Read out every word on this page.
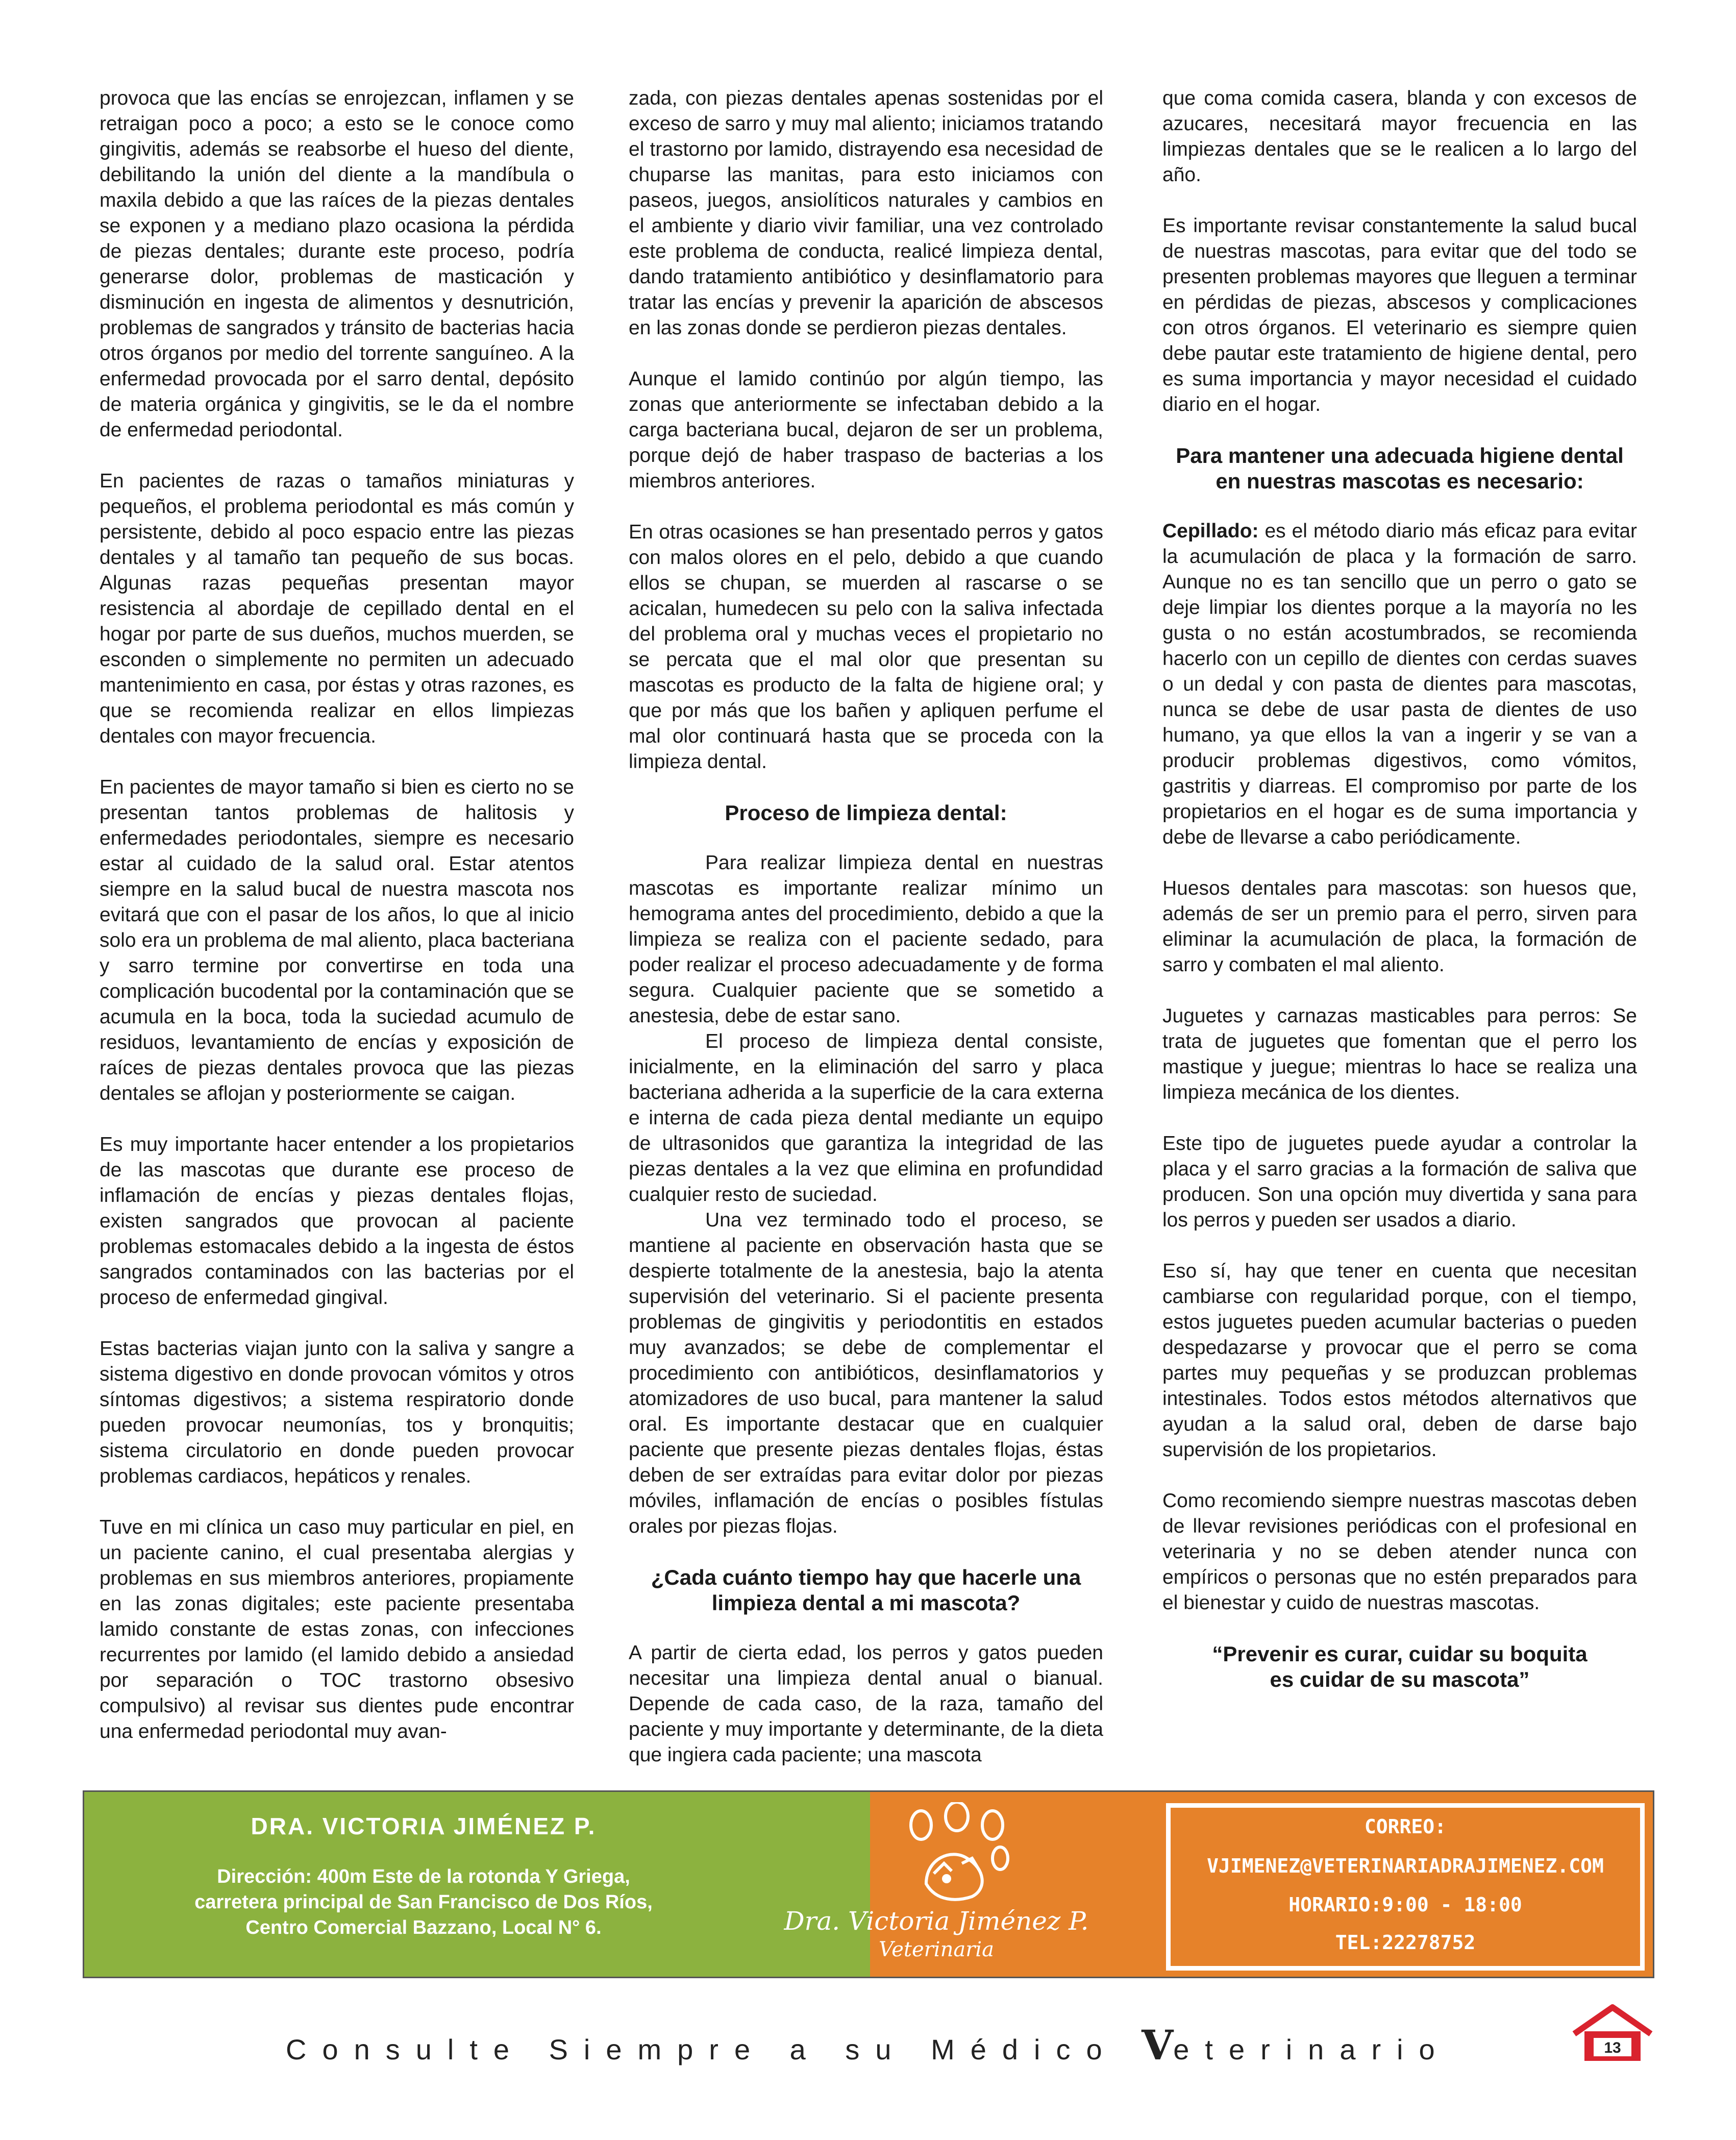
provoca que las encías se enrojezcan, inflamen y se retraigan poco a poco; a esto se le conoce como gingivitis, además se reabsorbe el hueso del diente, debilitando la unión del diente a la mandíbula o maxila debido a que las raíces de la piezas dentales se exponen y a mediano plazo ocasiona la pérdida de piezas dentales; durante este proceso, podría generarse dolor, problemas de masticación y disminución en ingesta de alimentos y desnutrición, problemas de sangrados y tránsito de bacterias hacia otros órganos por medio del torrente sanguíneo. A la enfermedad provocada por el sarro dental, depósito de materia orgánica y gingivitis, se le da el nombre de enfermedad periodontal.

En pacientes de razas o tamaños miniaturas y pequeños, el problema periodontal es más común y persistente, debido al poco espacio entre las piezas dentales y al tamaño tan pequeño de sus bocas. Algunas razas pequeñas presentan mayor resistencia al abordaje de cepillado dental en el hogar por parte de sus dueños, muchos muerden, se esconden o simplemente no permiten un adecuado mantenimiento en casa, por éstas y otras razones, es que se recomienda realizar en ellos limpiezas dentales con mayor frecuencia.

En pacientes de mayor tamaño si bien es cierto no se presentan tantos problemas de halitosis y enfermedades periodontales, siempre es necesario estar al cuidado de la salud oral. Estar atentos siempre en la salud bucal de nuestra mascota nos evitará que con el pasar de los años, lo que al inicio solo era un problema de mal aliento, placa bacteriana y sarro termine por convertirse en toda una complicación bucodental por la contaminación que se acumula en la boca, toda la suciedad acumulo de residuos, levantamiento de encías y exposición de raíces de piezas dentales provoca que las piezas dentales se aflojan y posteriormente se caigan.

Es muy importante hacer entender a los propietarios de las mascotas que durante ese proceso de inflamación de encías y piezas dentales flojas, existen sangrados que provocan al paciente problemas estomacales debido a la ingesta de éstos sangrados contaminados con las bacterias por el proceso de enfermedad gingival.

Estas bacterias viajan junto con la saliva y sangre a sistema digestivo en donde provocan vómitos y otros síntomas digestivos; a sistema respiratorio donde pueden provocar neumonías, tos y bronquitis; sistema circulatorio en donde pueden provocar problemas cardiacos, hepáticos y renales.

Tuve en mi clínica un caso muy particular en piel, en un paciente canino, el cual presentaba alergias y problemas en sus miembros anteriores, propiamente en las zonas digitales; este paciente presentaba lamido constante de estas zonas, con infecciones recurrentes por lamido (el lamido debido a ansiedad por separación o TOC trastorno obsesivo compulsivo) al revisar sus dientes pude encontrar una enfermedad periodontal muy avan-

zada, con piezas dentales apenas sostenidas por el exceso de sarro y muy mal aliento; iniciamos tratando el trastorno por lamido, distrayendo esa necesidad de chuparse las manitas, para esto iniciamos con paseos, juegos, ansiolíticos naturales y cambios en el ambiente y diario vivir familiar, una vez controlado este problema de conducta, realicé limpieza dental, dando tratamiento antibiótico y desinflamatorio para tratar las encías y prevenir la aparición de abscesos en las zonas donde se perdieron piezas dentales.

Aunque el lamido continúo por algún tiempo, las zonas que anteriormente se infectaban debido a la carga bacteriana bucal, dejaron de ser un problema, porque dejó de haber traspaso de bacterias a los miembros anteriores.

En otras ocasiones se han presentado perros y gatos con malos olores en el pelo, debido a que cuando ellos se chupan, se muerden al rascarse o se acicalan, humedecen su pelo con la saliva infectada del problema oral y muchas veces el propietario no se percata que el mal olor que presentan su mascotas es producto de la falta de higiene oral; y que por más que los bañen y apliquen perfume el mal olor continuará hasta que se proceda con la limpieza dental.

Proceso de limpieza dental:

Para realizar limpieza dental en nuestras mascotas es importante realizar mínimo un hemograma antes del procedimiento, debido a que la limpieza se realiza con el paciente sedado, para poder realizar el proceso adecuadamente y de forma segura. Cualquier paciente que se sometido a anestesia, debe de estar sano.

El proceso de limpieza dental consiste, inicialmente, en la eliminación del sarro y placa bacteriana adherida a la superficie de la cara externa e interna de cada pieza dental mediante un equipo de ultrasonidos que garantiza la integridad de las piezas dentales a la vez que elimina en profundidad cualquier resto de suciedad.

Una vez terminado todo el proceso, se mantiene al paciente en observación hasta que se despierte totalmente de la anestesia, bajo la atenta supervisión del veterinario. Si el paciente presenta problemas de gingivitis y periodontitis en estados muy avanzados; se debe de complementar el procedimiento con antibióticos, desinflamatorios y atomizadores de uso bucal, para mantener la salud oral. Es importante destacar que en cualquier paciente que presente piezas dentales flojas, éstas deben de ser extraídas para evitar dolor por piezas móviles, inflamación de encías o posibles fístulas orales por piezas flojas.

¿Cada cuánto tiempo hay que hacerle una limpieza dental a mi mascota?

A partir de cierta edad, los perros y gatos pueden necesitar una limpieza dental anual o bianual. Depende de cada caso, de la raza, tamaño del paciente y muy importante y determinante, de la dieta que ingiera cada paciente; una mascota

que coma comida casera, blanda y con excesos de azucares, necesitará mayor frecuencia en las limpiezas dentales que se le realicen a lo largo del año.

Es importante revisar constantemente la salud bucal de nuestras mascotas, para evitar que del todo se presenten problemas mayores que lleguen a terminar en pérdidas de piezas, abscesos y complicaciones con otros órganos. El veterinario es siempre quien debe pautar este tratamiento de higiene dental, pero es suma importancia y mayor necesidad el cuidado diario en el hogar.

Para mantener una adecuada higiene dental en nuestras mascotas es necesario:

Cepillado: es el método diario más eficaz para evitar la acumulación de placa y la formación de sarro. Aunque no es tan sencillo que un perro o gato se deje limpiar los dientes porque a la mayoría no les gusta o no están acostumbrados, se recomienda hacerlo con un cepillo de dientes con cerdas suaves o un dedal y con pasta de dientes para mascotas, nunca se debe de usar pasta de dientes de uso humano, ya que ellos la van a ingerir y se van a producir problemas digestivos, como vómitos, gastritis y diarreas. El compromiso por parte de los propietarios en el hogar es de suma importancia y debe de llevarse a cabo periódicamente.

Huesos dentales para mascotas: son huesos que, además de ser un premio para el perro, sirven para eliminar la acumulación de placa, la formación de sarro y combaten el mal aliento.

Juguetes y carnazas masticables para perros: Se trata de juguetes que fomentan que el perro los mastique y juegue; mientras lo hace se realiza una limpieza mecánica de los dientes.

Este tipo de juguetes puede ayudar a controlar la placa y el sarro gracias a la formación de saliva que producen. Son una opción muy divertida y sana para los perros y pueden ser usados a diario.

Eso sí, hay que tener en cuenta que necesitan cambiarse con regularidad porque, con el tiempo, estos juguetes pueden acumular bacterias o pueden despedazarse y provocar que el perro se coma partes muy pequeñas y se produzcan problemas intestinales. Todos estos métodos alternativos que ayudan a la salud oral, deben de darse bajo supervisión de los propietarios.

Como recomiendo siempre nuestras mascotas deben de llevar revisiones periódicas con el profesional en veterinaria y no se deben atender nunca con empíricos o personas que no estén preparados para el bienestar y cuido de nuestras mascotas.

“Prevenir es curar, cuidar su boquita

es cuidar de su mascota”

DRA. VICTORIA JIMÉNEZ P.
Dirección: 400m Este de la rotonda Y Griega,
carretera principal de San Francisco de Dos Ríos,
Centro Comercial Bazzano, Local N° 6.	Dra. Victoria Jiménez P.
Veterinaria
CORREO:
VJIMENEZ@VETERINARIADRAJIMENEZ.COM
HORARIO:9:00 - 18:00
TEL:22278752
Consulte Siempre a su Médico Veterinario	13
